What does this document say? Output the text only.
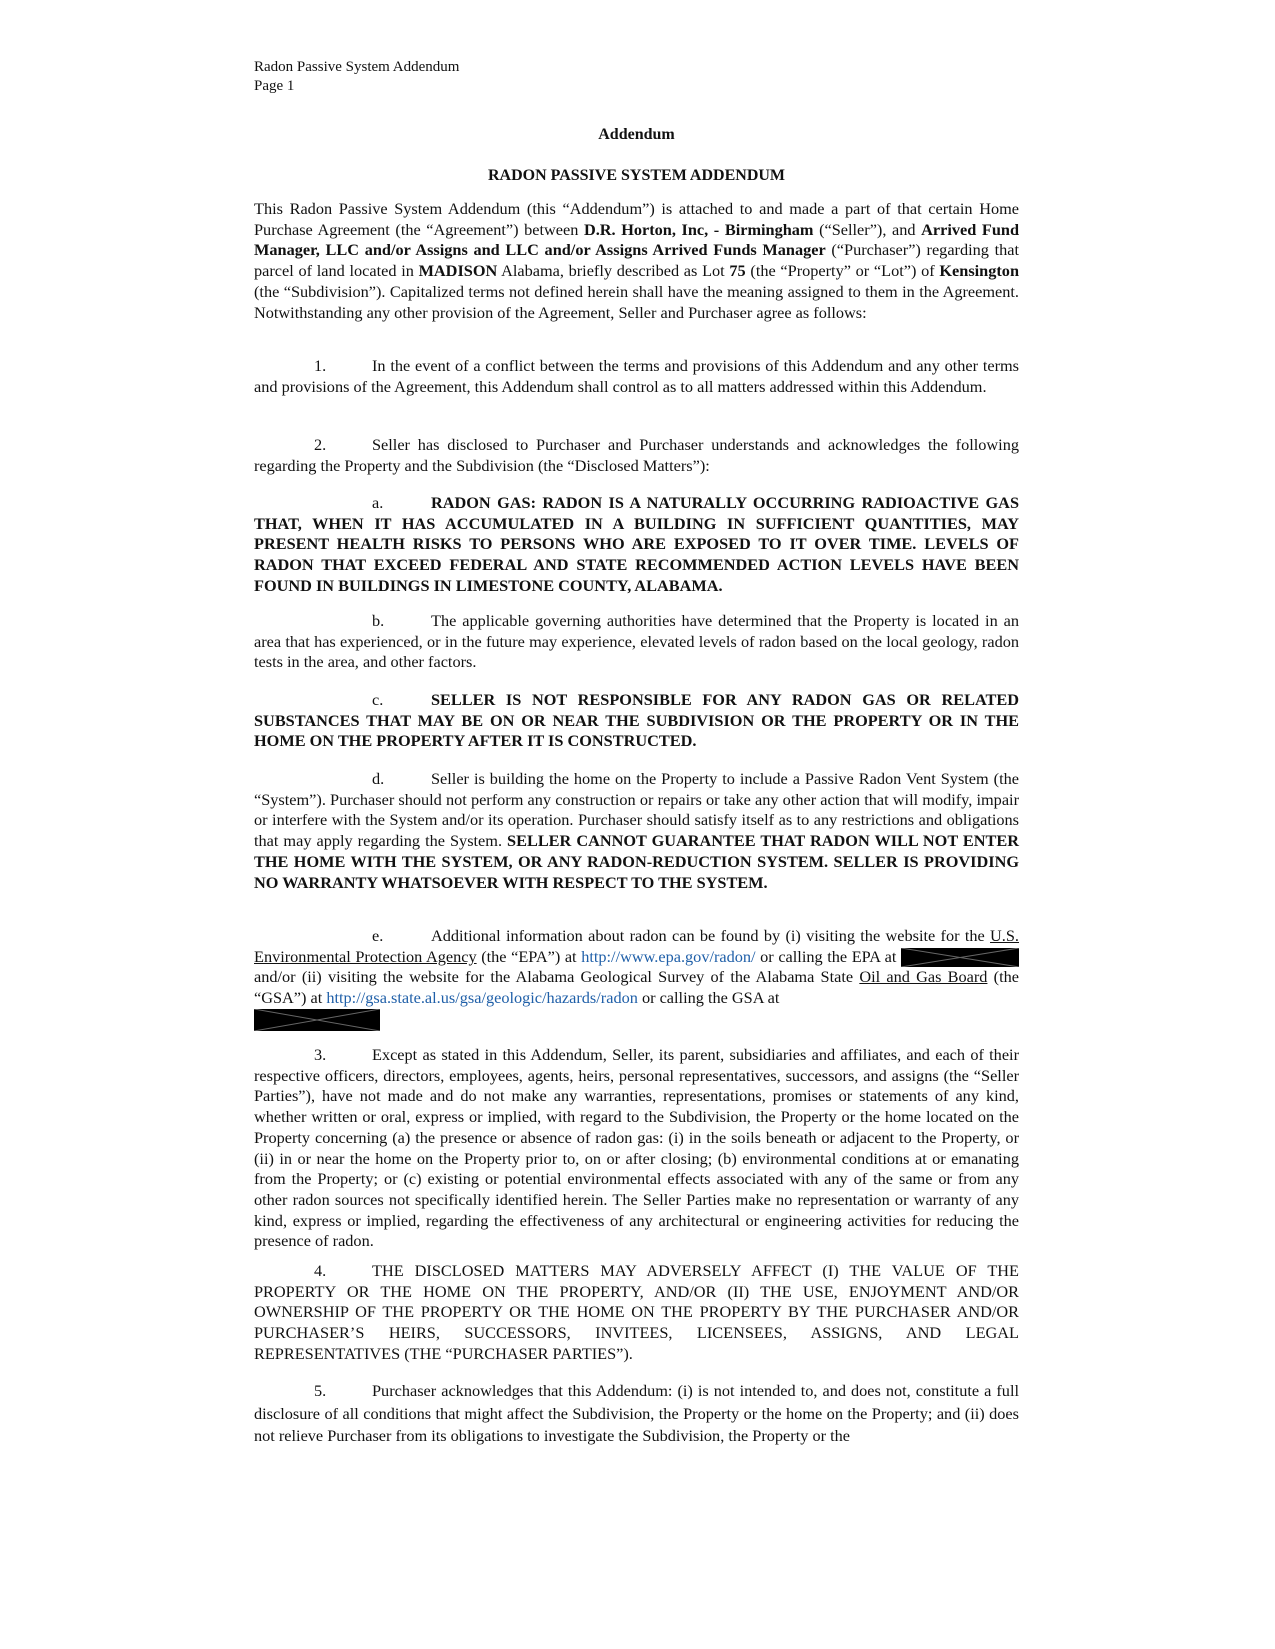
Radon Passive System Addendum
Page 1
Addendum
RADON PASSIVE SYSTEM ADDENDUM
This Radon Passive System Addendum (this “Addendum”) is attached to and made a part of that certain Home Purchase Agreement (the “Agreement”) between D.R. Horton, Inc, - Birmingham (“Seller”), and Arrived Fund Manager, LLC and/or Assigns and LLC and/or Assigns Arrived Funds Manager (“Purchaser”) regarding that parcel of land located in MADISON Alabama, briefly described as Lot 75 (the “Property” or “Lot”) of Kensington (the “Subdivision”). Capitalized terms not defined herein shall have the meaning assigned to them in the Agreement. Notwithstanding any other provision of the Agreement, Seller and Purchaser agree as follows:
1.	In the event of a conflict between the terms and provisions of this Addendum and any other terms and provisions of the Agreement, this Addendum shall control as to all matters addressed within this Addendum.
2.	Seller has disclosed to Purchaser and Purchaser understands and acknowledges the following regarding the Property and the Subdivision (the “Disclosed Matters”):
a.	RADON GAS: RADON IS A NATURALLY OCCURRING RADIOACTIVE GAS THAT, WHEN IT HAS ACCUMULATED IN A BUILDING IN SUFFICIENT QUANTITIES, MAY PRESENT HEALTH RISKS TO PERSONS WHO ARE EXPOSED TO IT OVER TIME. LEVELS OF RADON THAT EXCEED FEDERAL AND STATE RECOMMENDED ACTION LEVELS HAVE BEEN FOUND IN BUILDINGS IN LIMESTONE COUNTY, ALABAMA.
b.	The applicable governing authorities have determined that the Property is located in an area that has experienced, or in the future may experience, elevated levels of radon based on the local geology, radon tests in the area, and other factors.
c.	SELLER IS NOT RESPONSIBLE FOR ANY RADON GAS OR RELATED SUBSTANCES THAT MAY BE ON OR NEAR THE SUBDIVISION OR THE PROPERTY OR IN THE HOME ON THE PROPERTY AFTER IT IS CONSTRUCTED.
d.	Seller is building the home on the Property to include a Passive Radon Vent System (the “System”). Purchaser should not perform any construction or repairs or take any other action that will modify, impair or interfere with the System and/or its operation. Purchaser should satisfy itself as to any restrictions and obligations that may apply regarding the System. SELLER CANNOT GUARANTEE THAT RADON WILL NOT ENTER THE HOME WITH THE SYSTEM, OR ANY RADON-REDUCTION SYSTEM. SELLER IS PROVIDING NO WARRANTY WHATSOEVER WITH RESPECT TO THE SYSTEM.
e.	Additional information about radon can be found by (i) visiting the website for the U.S. Environmental Protection Agency (the “EPA”) at http://www.epa.gov/radon/ or calling the EPA at
and/or (ii) visiting the website for the Alabama Geological Survey of the Alabama State Oil and Gas Board (the “GSA”) at http://gsa.state.al.us/gsa/geologic/hazards/radon or calling the GSA at

3.	Except as stated in this Addendum, Seller, its parent, subsidiaries and affiliates, and each of their respective officers, directors, employees, agents, heirs, personal representatives, successors, and assigns (the “Seller Parties”), have not made and do not make any warranties, representations, promises or statements of any kind, whether written or oral, express or implied, with regard to the Subdivision, the Property or the home located on the Property concerning (a) the presence or absence of radon gas: (i) in the soils beneath or adjacent to the Property, or (ii) in or near the home on the Property prior to, on or after closing; (b) environmental conditions at or emanating from the Property; or (c) existing or potential environmental effects associated with any of the same or from any other radon sources not specifically identified herein. The Seller Parties make no representation or warranty of any kind, express or implied, regarding the effectiveness of any architectural or engineering activities for reducing the presence of radon.
4.	THE DISCLOSED MATTERS MAY ADVERSELY AFFECT (I) THE VALUE OF THE PROPERTY OR THE HOME ON THE PROPERTY, AND/OR (II) THE USE, ENJOYMENT AND/OR OWNERSHIP OF THE PROPERTY OR THE HOME ON THE PROPERTY BY THE PURCHASER AND/OR PURCHASER’S HEIRS, SUCCESSORS, INVITEES, LICENSEES, ASSIGNS, AND LEGAL REPRESENTATIVES (THE “PURCHASER PARTIES”).
5.	Purchaser acknowledges that this Addendum: (i) is not intended to, and does not, constitute a full disclosure of all conditions that might affect the Subdivision, the Property or the home on the Property; and (ii) does not relieve Purchaser from its obligations to investigate the Subdivision, the Property or the
